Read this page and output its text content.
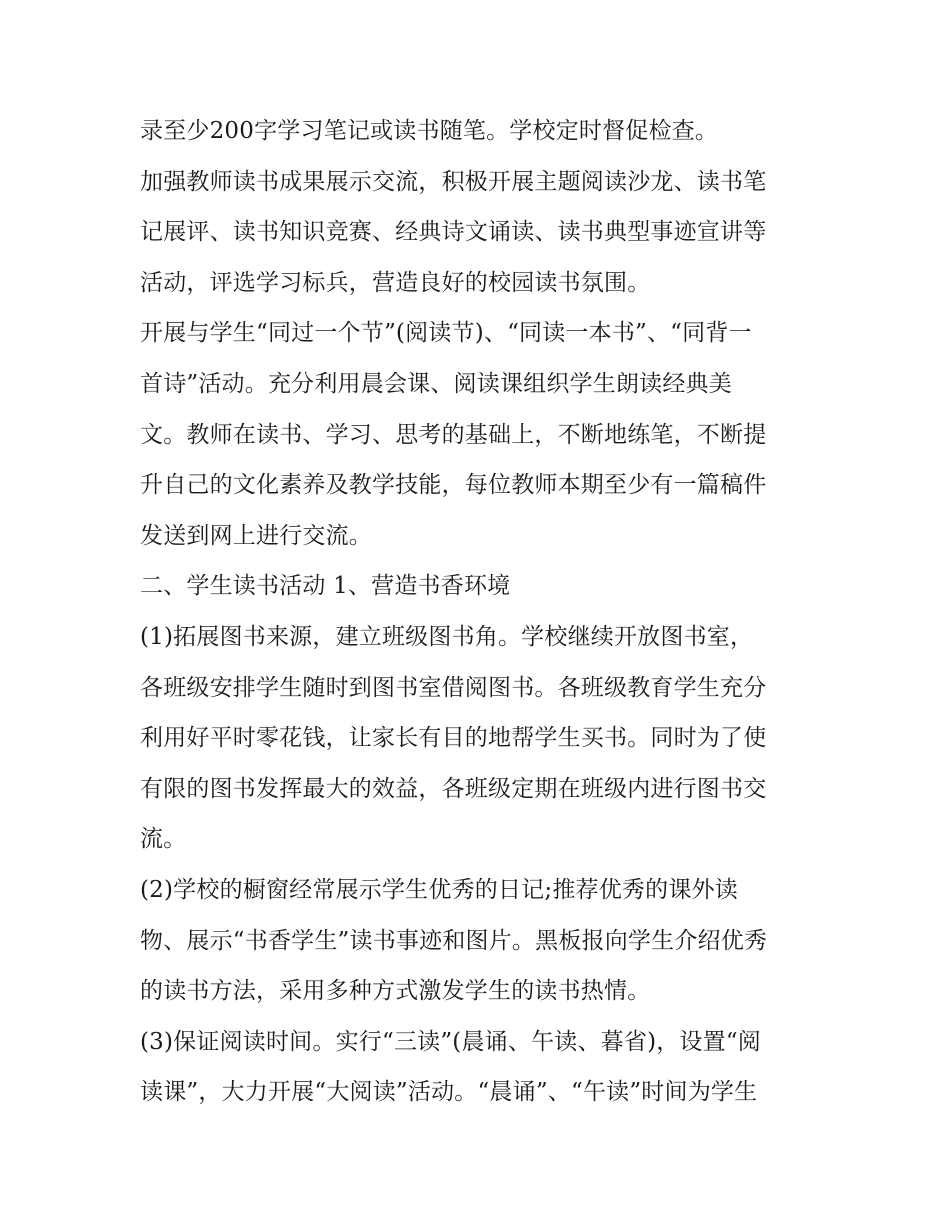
录至少200字学习笔记或读书随笔。学校定时督促检查。
加强教师读书成果展示交流，积极开展主题阅读沙龙、读书笔
记展评、读书知识竞赛、经典诗文诵读、读书典型事迹宣讲等
活动，评选学习标兵，营造良好的校园读书氛围。
开展与学生“同过一个节”(阅读节)、“同读一本书”、“同背一
首诗”活动。充分利用晨会课、阅读课组织学生朗读经典美
文。教师在读书、学习、思考的基础上，不断地练笔，不断提
升自己的文化素养及教学技能，每位教师本期至少有一篇稿件
发送到网上进行交流。
二、学生读书活动 1、营造书香环境
(1)拓展图书来源，建立班级图书角。学校继续开放图书室，
各班级安排学生随时到图书室借阅图书。各班级教育学生充分
利用好平时零花钱，让家长有目的地帮学生买书。同时为了使
有限的图书发挥最大的效益，各班级定期在班级内进行图书交
流。
(2)学校的橱窗经常展示学生优秀的日记;推荐优秀的课外读
物、展示“书香学生”读书事迹和图片。黑板报向学生介绍优秀
的读书方法，采用多种方式激发学生的读书热情。
(3)保证阅读时间。实行“三读”(晨诵、午读、暮省)，设置“阅
读课”，大力开展“大阅读”活动。“晨诵”、“午读”时间为学生
